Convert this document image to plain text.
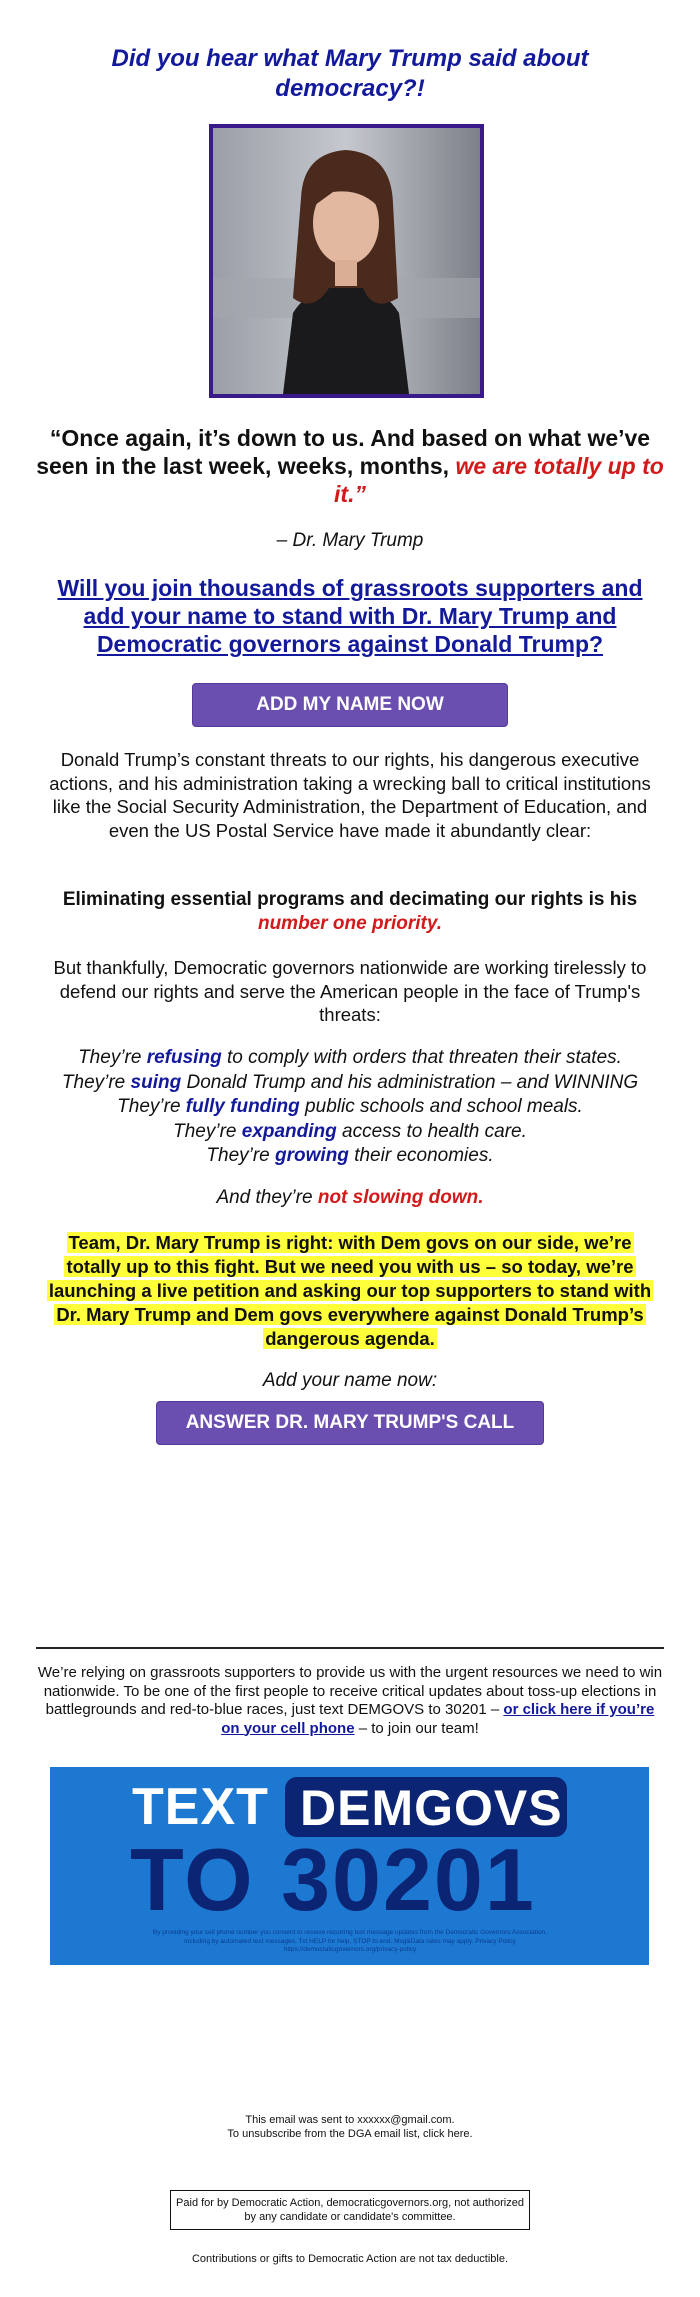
Did you hear what Mary Trump said about democracy?!
“Once again, it’s down to us. And based on what we’ve seen in the last week, weeks, months, we are totally up to it.”
– Dr. Mary Trump
Will you join thousands of grassroots supporters and add your name to stand with Dr. Mary Trump and Democratic governors against Donald Trump?
ADD MY NAME NOW
Donald Trump’s constant threats to our rights, his dangerous executive actions, and his administration taking a wrecking ball to critical institutions like the Social Security Administration, the Department of Education, and even the US Postal Service have made it abundantly clear:
Eliminating essential programs and decimating our rights is his number one priority.
But thankfully, Democratic governors nationwide are working tirelessly to defend our rights and serve the American people in the face of Trump's threats:
They’re refusing to comply with orders that threaten their states.
They’re suing Donald Trump and his administration – and WINNING
They’re fully funding public schools and school meals.
They’re expanding access to health care.
They’re growing their economies.
And they’re not slowing down.
Team, Dr. Mary Trump is right: with Dem govs on our side, we’re totally up to this fight. But we need you with us – so today, we’re launching a live petition and asking our top supporters to stand with Dr. Mary Trump and Dem govs everywhere against Donald Trump’s dangerous agenda.
Add your name now:
ANSWER DR. MARY TRUMP'S CALL
We’re relying on grassroots supporters to provide us with the urgent resources we need to win nationwide. To be one of the first people to receive critical updates about toss-up elections in battlegrounds and red-to-blue races, just text DEMGOVS to 30201 – or click here if you’re on your cell phone – to join our team!
TEXT DEMGOVS
TO 30201
By providing your cell phone number you consent to receive recurring text message updates from the Democratic Governors Association, including by automated text messages. Txt HELP for help, STOP to end. Msg&Data rates may apply. Privacy Policy https://democraticgovernors.org/privacy-policy
This email was sent to xxxxxx@gmail.com.
To unsubscribe from the DGA email list, click here.
Paid for by Democratic Action, democraticgovernors.org, not authorized by any candidate or candidate's committee.
Contributions or gifts to Democratic Action are not tax deductible.
